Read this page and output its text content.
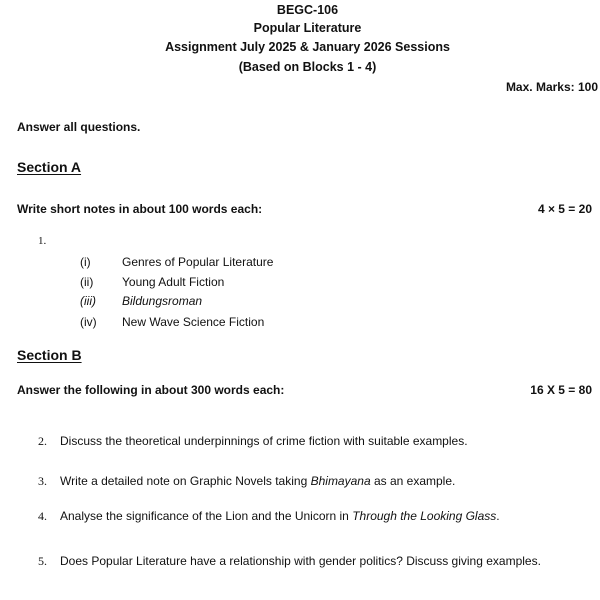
BEGC-106
Popular Literature
Assignment July 2025 & January 2026 Sessions
(Based on Blocks 1 - 4)
Max. Marks: 100
Answer all questions.
Section A
Write short notes in about 100 words each:	4 × 5 = 20
1.
(i)	Genres of Popular Literature
(ii) Young Adult Fiction
(iii) Bildungsroman
(iv) New Wave Science Fiction
Section B
Answer the following in about 300 words each:	16 X 5 = 80
2. Discuss the theoretical underpinnings of crime fiction with suitable examples.
3. Write a detailed note on Graphic Novels taking Bhimayana as an example.
4. Analyse the significance of the Lion and the Unicorn in Through the Looking Glass.
5. Does Popular Literature have a relationship with gender politics? Discuss giving examples.
